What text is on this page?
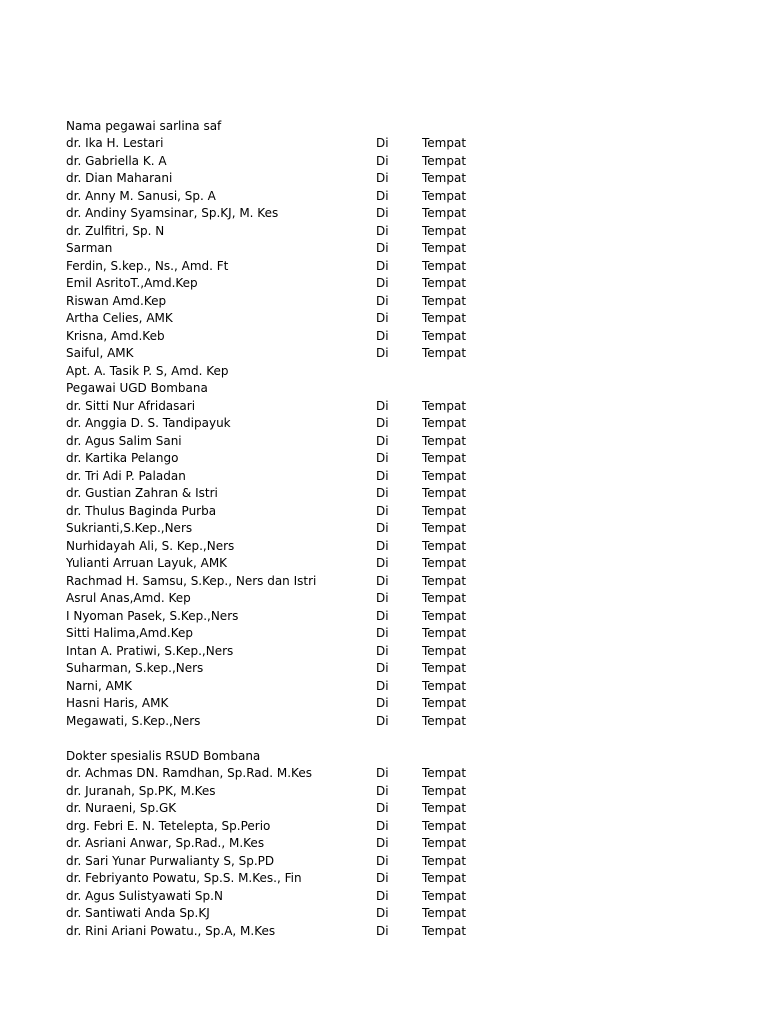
Nama pegawai sarlina saf
dr. Ika H. Lestari	Di	Tempat
dr. Gabriella K. A	Di	Tempat
dr. Dian Maharani	Di	Tempat
dr. Anny M. Sanusi, Sp. A	Di	Tempat
dr. Andiny Syamsinar, Sp.KJ, M. Kes	Di	Tempat
dr. Zulfitri, Sp. N	Di	Tempat
Sarman	Di	Tempat
Ferdin, S.kep., Ns., Amd. Ft	Di	Tempat
Emil AsritoT.,Amd.Kep	Di	Tempat
Riswan Amd.Kep	Di	Tempat
Artha Celies, AMK	Di	Tempat
Krisna, Amd.Keb	Di	Tempat
Saiful, AMK	Di	Tempat
Apt. A. Tasik P. S, Amd. Kep
Pegawai UGD Bombana
dr. Sitti Nur Afridasari	Di	Tempat
dr. Anggia D. S. Tandipayuk	Di	Tempat
dr. Agus Salim Sani	Di	Tempat
dr. Kartika Pelango	Di	Tempat
dr. Tri Adi P. Paladan	Di	Tempat
dr. Gustian Zahran & Istri	Di	Tempat
dr. Thulus Baginda Purba	Di	Tempat
Sukrianti,S.Kep.,Ners	Di	Tempat
Nurhidayah Ali, S. Kep.,Ners	Di	Tempat
Yulianti Arruan Layuk, AMK	Di	Tempat
Rachmad H. Samsu, S.Kep., Ners dan Istri	Di	Tempat
Asrul Anas,Amd. Kep	Di	Tempat
I Nyoman Pasek, S.Kep.,Ners	Di	Tempat
Sitti Halima,Amd.Kep	Di	Tempat
Intan A. Pratiwi, S.Kep.,Ners	Di	Tempat
Suharman, S.kep.,Ners	Di	Tempat
Narni, AMK	Di	Tempat
Hasni Haris, AMK	Di	Tempat
Megawati, S.Kep.,Ners	Di	Tempat
Dokter spesialis RSUD Bombana
dr. Achmas DN. Ramdhan, Sp.Rad. M.Kes	Di	Tempat
dr. Juranah, Sp.PK, M.Kes	Di	Tempat
dr. Nuraeni, Sp.GK	Di	Tempat
drg. Febri E. N. Tetelepta, Sp.Perio	Di	Tempat
dr. Asriani Anwar, Sp.Rad., M.Kes	Di	Tempat
dr. Sari Yunar Purwalianty S, Sp.PD	Di	Tempat
dr. Febriyanto Powatu, Sp.S. M.Kes., Fin	Di	Tempat
dr. Agus Sulistyawati Sp.N	Di	Tempat
dr. Santiwati Anda Sp.KJ	Di	Tempat
dr. Rini Ariani Powatu., Sp.A, M.Kes	Di	Tempat
